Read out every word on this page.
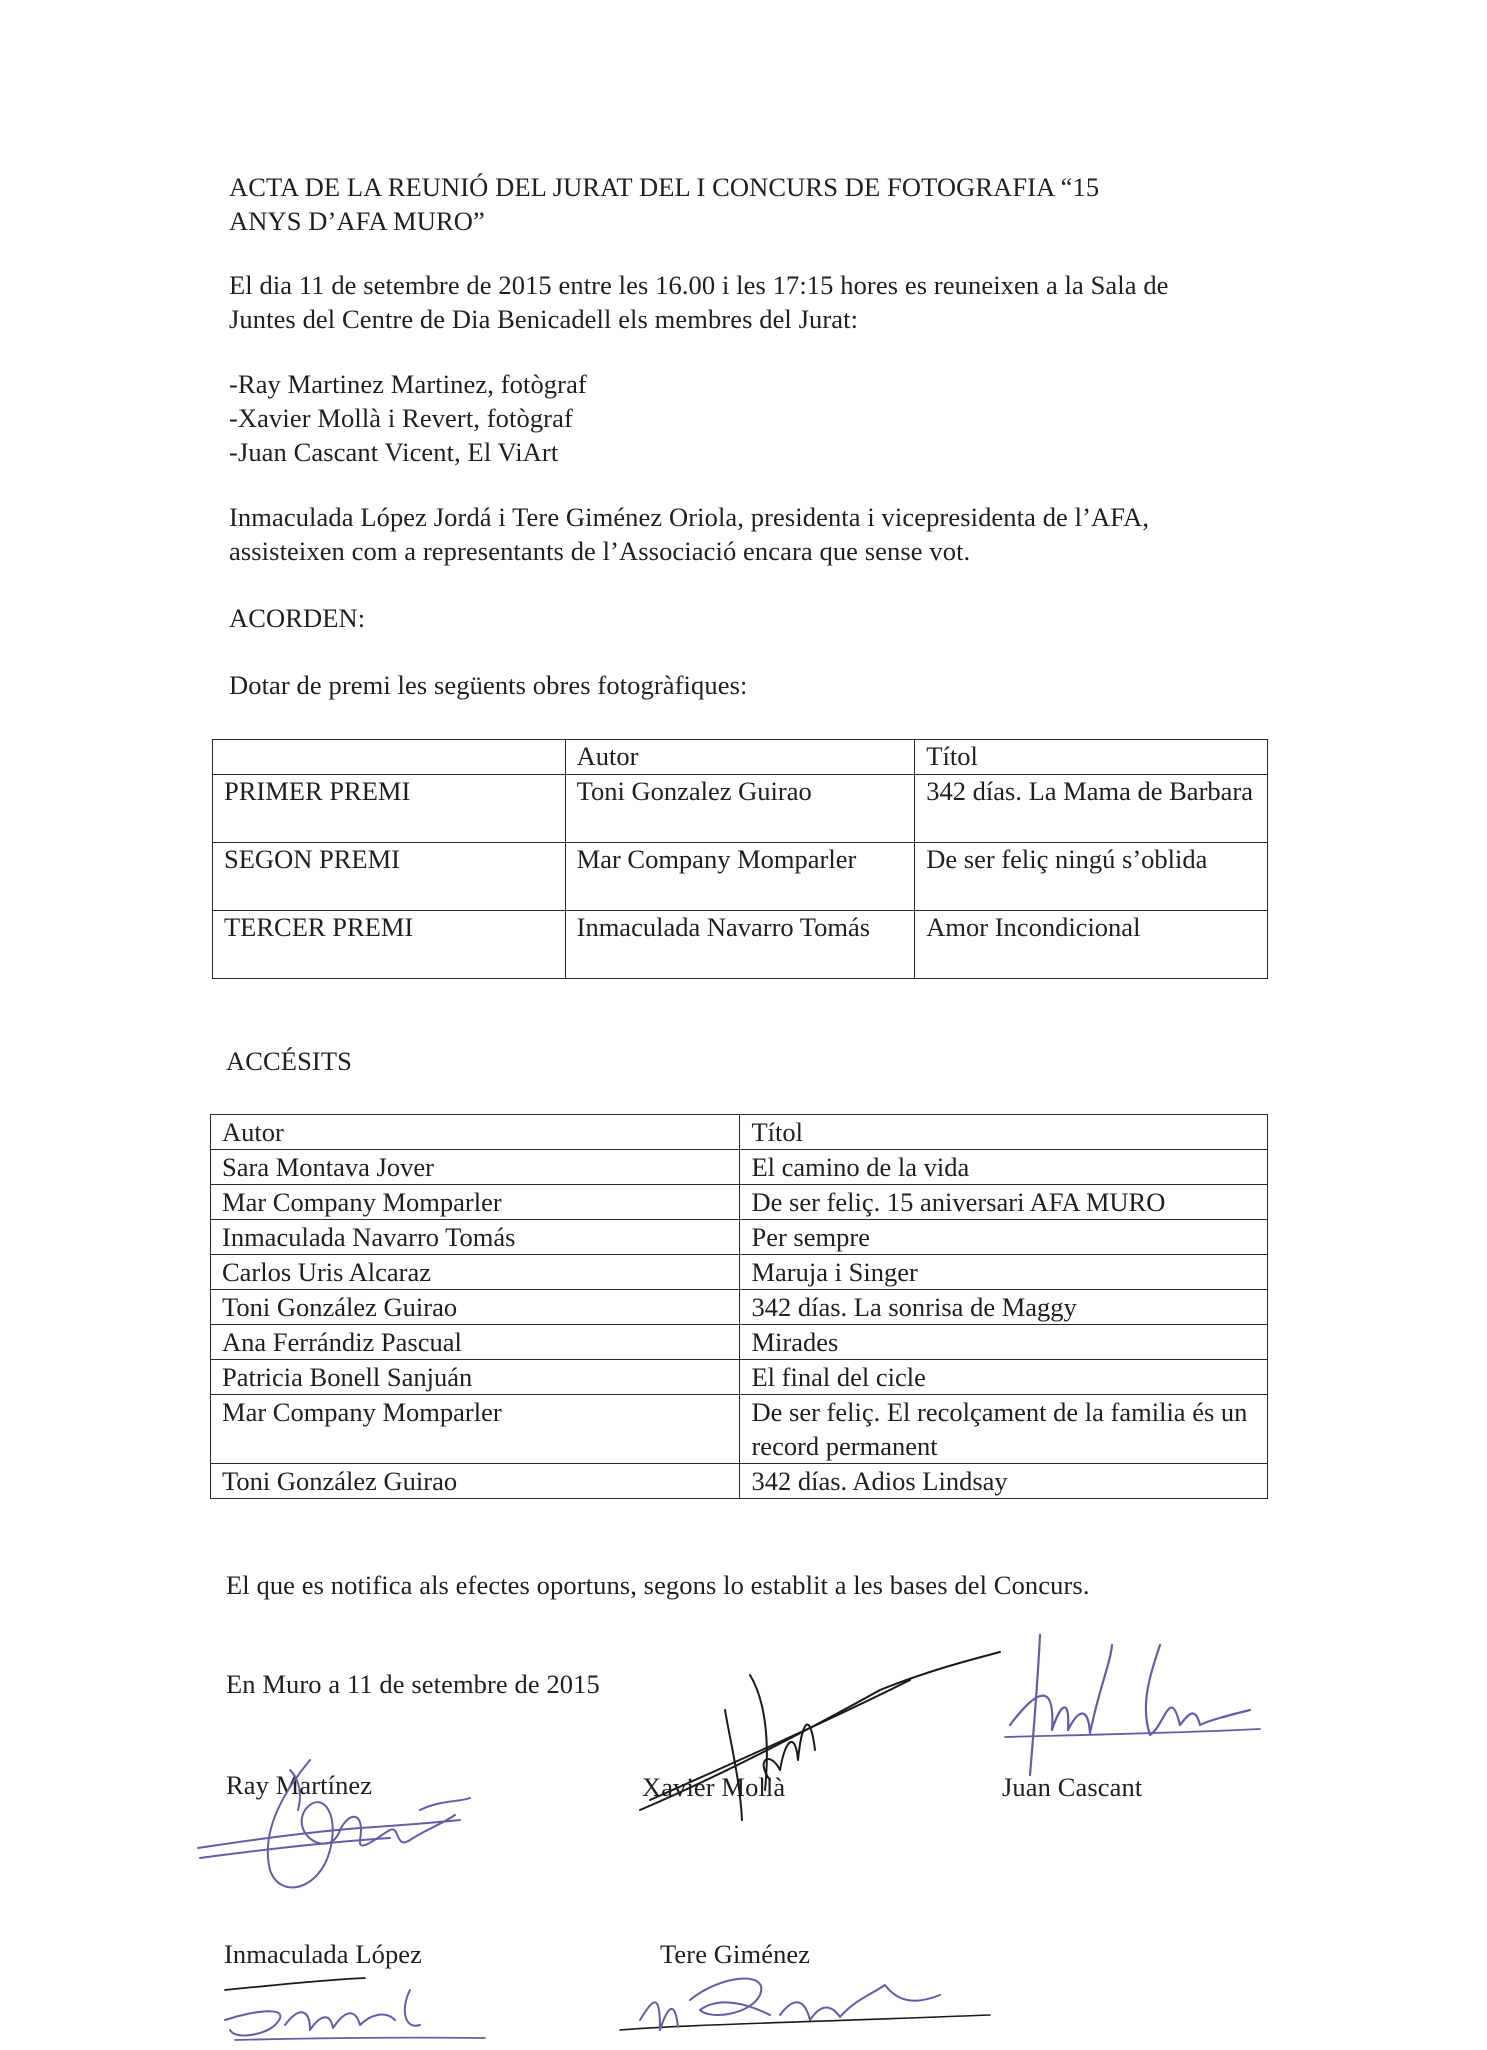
ACTA DE LA REUNIÓ DEL JURAT DEL I CONCURS DE FOTOGRAFIA “15
ANYS D’AFA MURO”
El dia 11 de setembre de 2015 entre les 16.00 i les 17:15 hores es reuneixen a la Sala de
Juntes del Centre de Dia Benicadell els membres del Jurat:
-Ray Martinez Martinez, fotògraf
-Xavier Mollà i Revert, fotògraf
-Juan Cascant Vicent, El ViArt
Inmaculada López Jordá i Tere Giménez Oriola, presidenta i vicepresidenta de l’AFA,
assisteixen com a representants de l’Associació encara que sense vot.
ACORDEN:
Dotar de premi les següents obres fotogràfiques:
	Autor	Títol
PRIMER PREMI	Toni Gonzalez Guirao	342 días. La Mama de Barbara
SEGON PREMI	Mar Company Momparler	De ser feliç ningú s’oblida
TERCER PREMI	Inmaculada Navarro Tomás	Amor Incondicional
ACCÉSITS
Autor	Títol
Sara Montava Jover	El camino de la vida
Mar Company Momparler	De ser feliç. 15 aniversari AFA MURO
Inmaculada Navarro Tomás	Per sempre
Carlos Uris Alcaraz	Maruja i Singer
Toni González Guirao	342 días. La sonrisa de Maggy
Ana Ferrándiz Pascual	Mirades
Patricia Bonell Sanjuán	El final del cicle
Mar Company Momparler	De ser feliç. El recolçament de la familia és un record permanent
Toni González Guirao	342 días. Adios Lindsay
El que es notifica als efectes oportuns, segons lo establit a les bases del Concurs.
En Muro a 11 de setembre de 2015
Ray Martínez	Xavier Mollà	Juan Cascant
Inmaculada López	Tere Giménez
